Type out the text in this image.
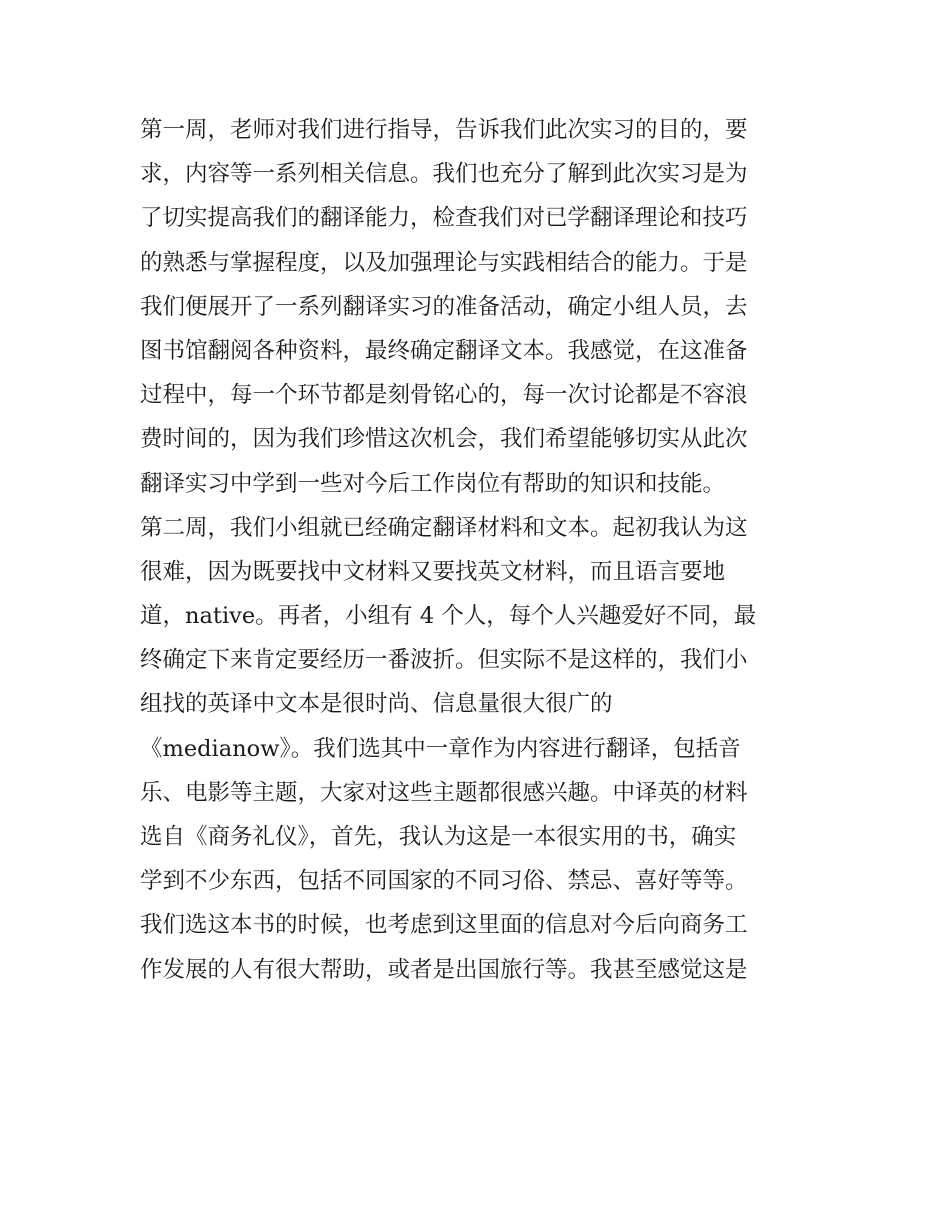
第一周，老师对我们进行指导，告诉我们此次实习的目的，要
求，内容等一系列相关信息。我们也充分了解到此次实习是为
了切实提高我们的翻译能力，检查我们对已学翻译理论和技巧
的熟悉与掌握程度，以及加强理论与实践相结合的能力。于是
我们便展开了一系列翻译实习的准备活动，确定小组人员，去
图书馆翻阅各种资料，最终确定翻译文本。我感觉，在这准备
过程中，每一个环节都是刻骨铭心的，每一次讨论都是不容浪
费时间的，因为我们珍惜这次机会，我们希望能够切实从此次
翻译实习中学到一些对今后工作岗位有帮助的知识和技能。
第二周，我们小组就已经确定翻译材料和文本。起初我认为这
很难，因为既要找中文材料又要找英文材料，而且语言要地
道，native。再者，小组有 4 个人，每个人兴趣爱好不同，最
终确定下来肯定要经历一番波折。但实际不是这样的，我们小
组找的英译中文本是很时尚、信息量很大很广的
《medianow》。我们选其中一章作为内容进行翻译，包括音
乐、电影等主题，大家对这些主题都很感兴趣。中译英的材料
选自《商务礼仪》，首先，我认为这是一本很实用的书，确实
学到不少东西，包括不同国家的不同习俗、禁忌、喜好等等。
我们选这本书的时候，也考虑到这里面的信息对今后向商务工
作发展的人有很大帮助，或者是出国旅行等。我甚至感觉这是
